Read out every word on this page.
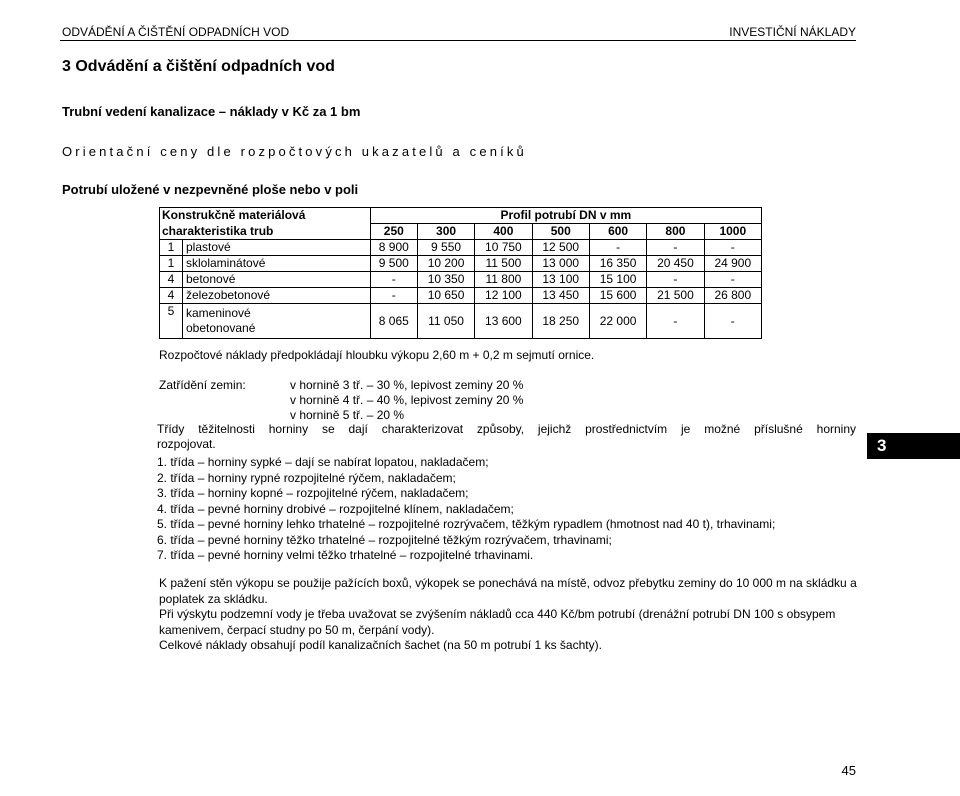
ODVÁDĚNÍ A ČIŠTĚNÍ ODPADNÍCH VOD	INVESTIČNÍ NÁKLADY
3 Odvádění a čištění odpadních vod
Trubní vedení kanalizace – náklady v Kč za 1 bm
Orientační ceny dle rozpočtových ukazatelů a ceníků
Potrubí uložené v nezpevněné ploše nebo v poli
Konstrukčně materiálová		Profil potrubí DN v mm						
charakteristika trub		250	300	400	500	600	800	1000
1	plastové	8 900	9 550	10 750	12 500	-	-	-
1	sklolaminátové	9 500	10 200	11 500	13 000	16 350	20 450	24 900
4	betonové	-	10 350	11 800	13 100	15 100	-	-
4	železobetonové	-	10 650	12 100	13 450	15 600	21 500	26 800
5	kameninové
obetonované	8 065	11 050	13 600	18 250	22 000	-	-
Rozpočtové náklady předpokládají hloubku výkopu 2,60 m + 0,2 m sejmutí ornice.
Zatřídění zemin:	v hornině 3 tř. – 30 %, lepivost zeminy 20 %
v hornině 4 tř. – 40 %, lepivost zeminy 20 %
v hornině 5 tř. – 20 %
Třídy těžitelnosti horniny se dají charakterizovat způsoby, jejichž prostřednictvím je možné příslušné horniny
rozpojovat.
1. třída – horniny sypké – dají se nabírat lopatou, nakladačem;
2. třída – horniny rypné rozpojitelné rýčem, nakladačem;
3. třída – horniny kopné – rozpojitelné rýčem, nakladačem;
4. třída – pevné horniny drobivé – rozpojitelné klínem, nakladačem;
5. třída – pevné horniny lehko trhatelné – rozpojitelné rozrývačem, těžkým rypadlem (hmotnost nad 40 t), trhavinami;
6. třída – pevné horniny těžko trhatelné – rozpojitelné těžkým rozrývačem, trhavinami;
7. třída – pevné horniny velmi těžko trhatelné – rozpojitelné trhavinami.
K pažení stěn výkopu se použije pažících boxů, výkopek se ponechává na místě, odvoz přebytku zeminy do 10 000 m na skládku a poplatek za skládku.
Při výskytu podzemní vody je třeba uvažovat se zvýšením nákladů cca 440 Kč/bm potrubí (drenážní potrubí DN 100 s obsypem kamenivem, čerpací studny po 50 m, čerpání vody).
Celkové náklady obsahují podíl kanalizačních šachet (na 50 m potrubí 1 ks šachty).
3
45
